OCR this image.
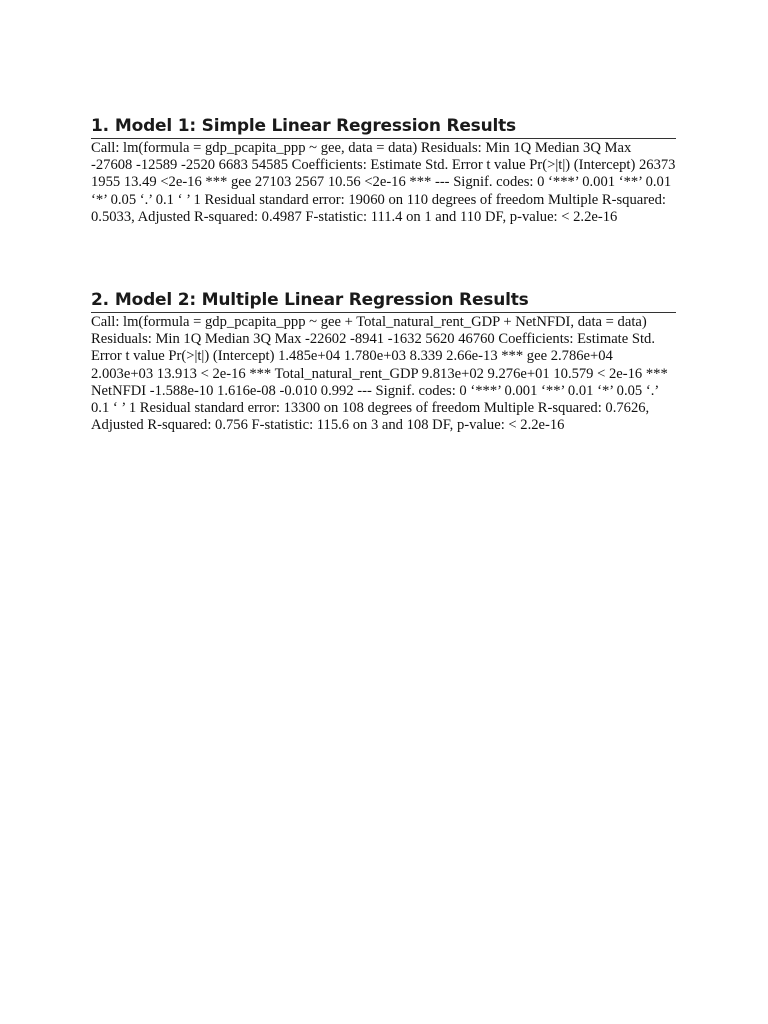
1. Model 1: Simple Linear Regression Results

Call: lm(formula = gdp_pcapita_ppp ~ gee, data = data) Residuals: Min 1Q Median 3Q Max -27608 -12589 -2520 6683 54585 Coefficients: Estimate Std. Error t value Pr(>|t|) (Intercept) 26373 1955 13.49 <2e-16 *** gee 27103 2567 10.56 <2e-16 *** --- Signif. codes: 0 ‘***’ 0.001 ‘**’ 0.01 ‘*’ 0.05 ‘.’ 0.1 ‘ ’ 1 Residual standard error: 19060 on 110 degrees of freedom Multiple R-squared: 0.5033, Adjusted R-squared: 0.4987 F-statistic: 111.4 on 1 and 110 DF, p-value: < 2.2e-16

2. Model 2: Multiple Linear Regression Results

Call: lm(formula = gdp_pcapita_ppp ~ gee + Total_natural_rent_GDP + NetNFDI, data = data) Residuals: Min 1Q Median 3Q Max -22602 -8941 -1632 5620 46760 Coefficients: Estimate Std. Error t value Pr(>|t|) (Intercept) 1.485e+04 1.780e+03 8.339 2.66e-13 *** gee 2.786e+04 2.003e+03 13.913 < 2e-16 *** Total_natural_rent_GDP 9.813e+02 9.276e+01 10.579 < 2e-16 *** NetNFDI -1.588e-10 1.616e-08 -0.010 0.992 --- Signif. codes: 0 ‘***’ 0.001 ‘**’ 0.01 ‘*’ 0.05 ‘.’ 0.1 ‘ ’ 1 Residual standard error: 13300 on 108 degrees of freedom Multiple R-squared: 0.7626, Adjusted R-squared: 0.756 F-statistic: 115.6 on 3 and 108 DF, p-value: < 2.2e-16
